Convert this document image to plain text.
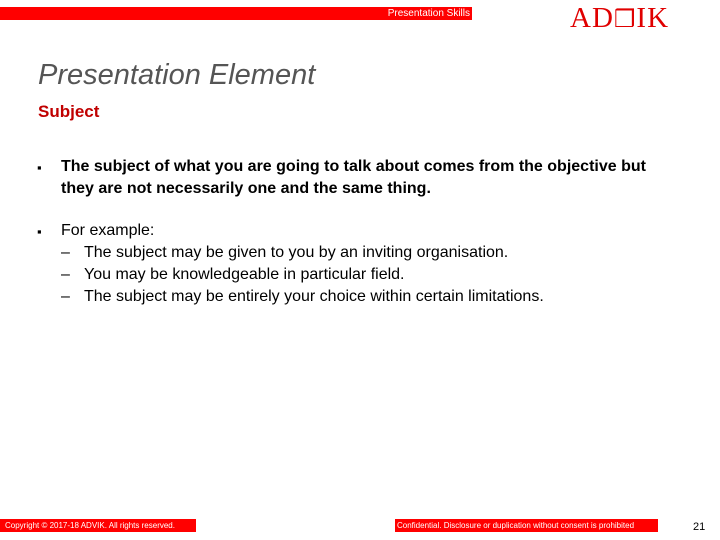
Presentation Skills	AD❒IK
Presentation Element
Subject
▪ The subject of what you are going to talk about comes from the objective but they are not necessarily one and the same thing.
▪ For example:
– The subject may be given to you by an inviting organisation.
– You may be knowledgeable in particular field.
– The subject may be entirely your choice within certain limitations.
Copyright © 2017-18 ADVIK. All rights reserved.	Confidential. Disclosure or duplication without consent is prohibited	21
